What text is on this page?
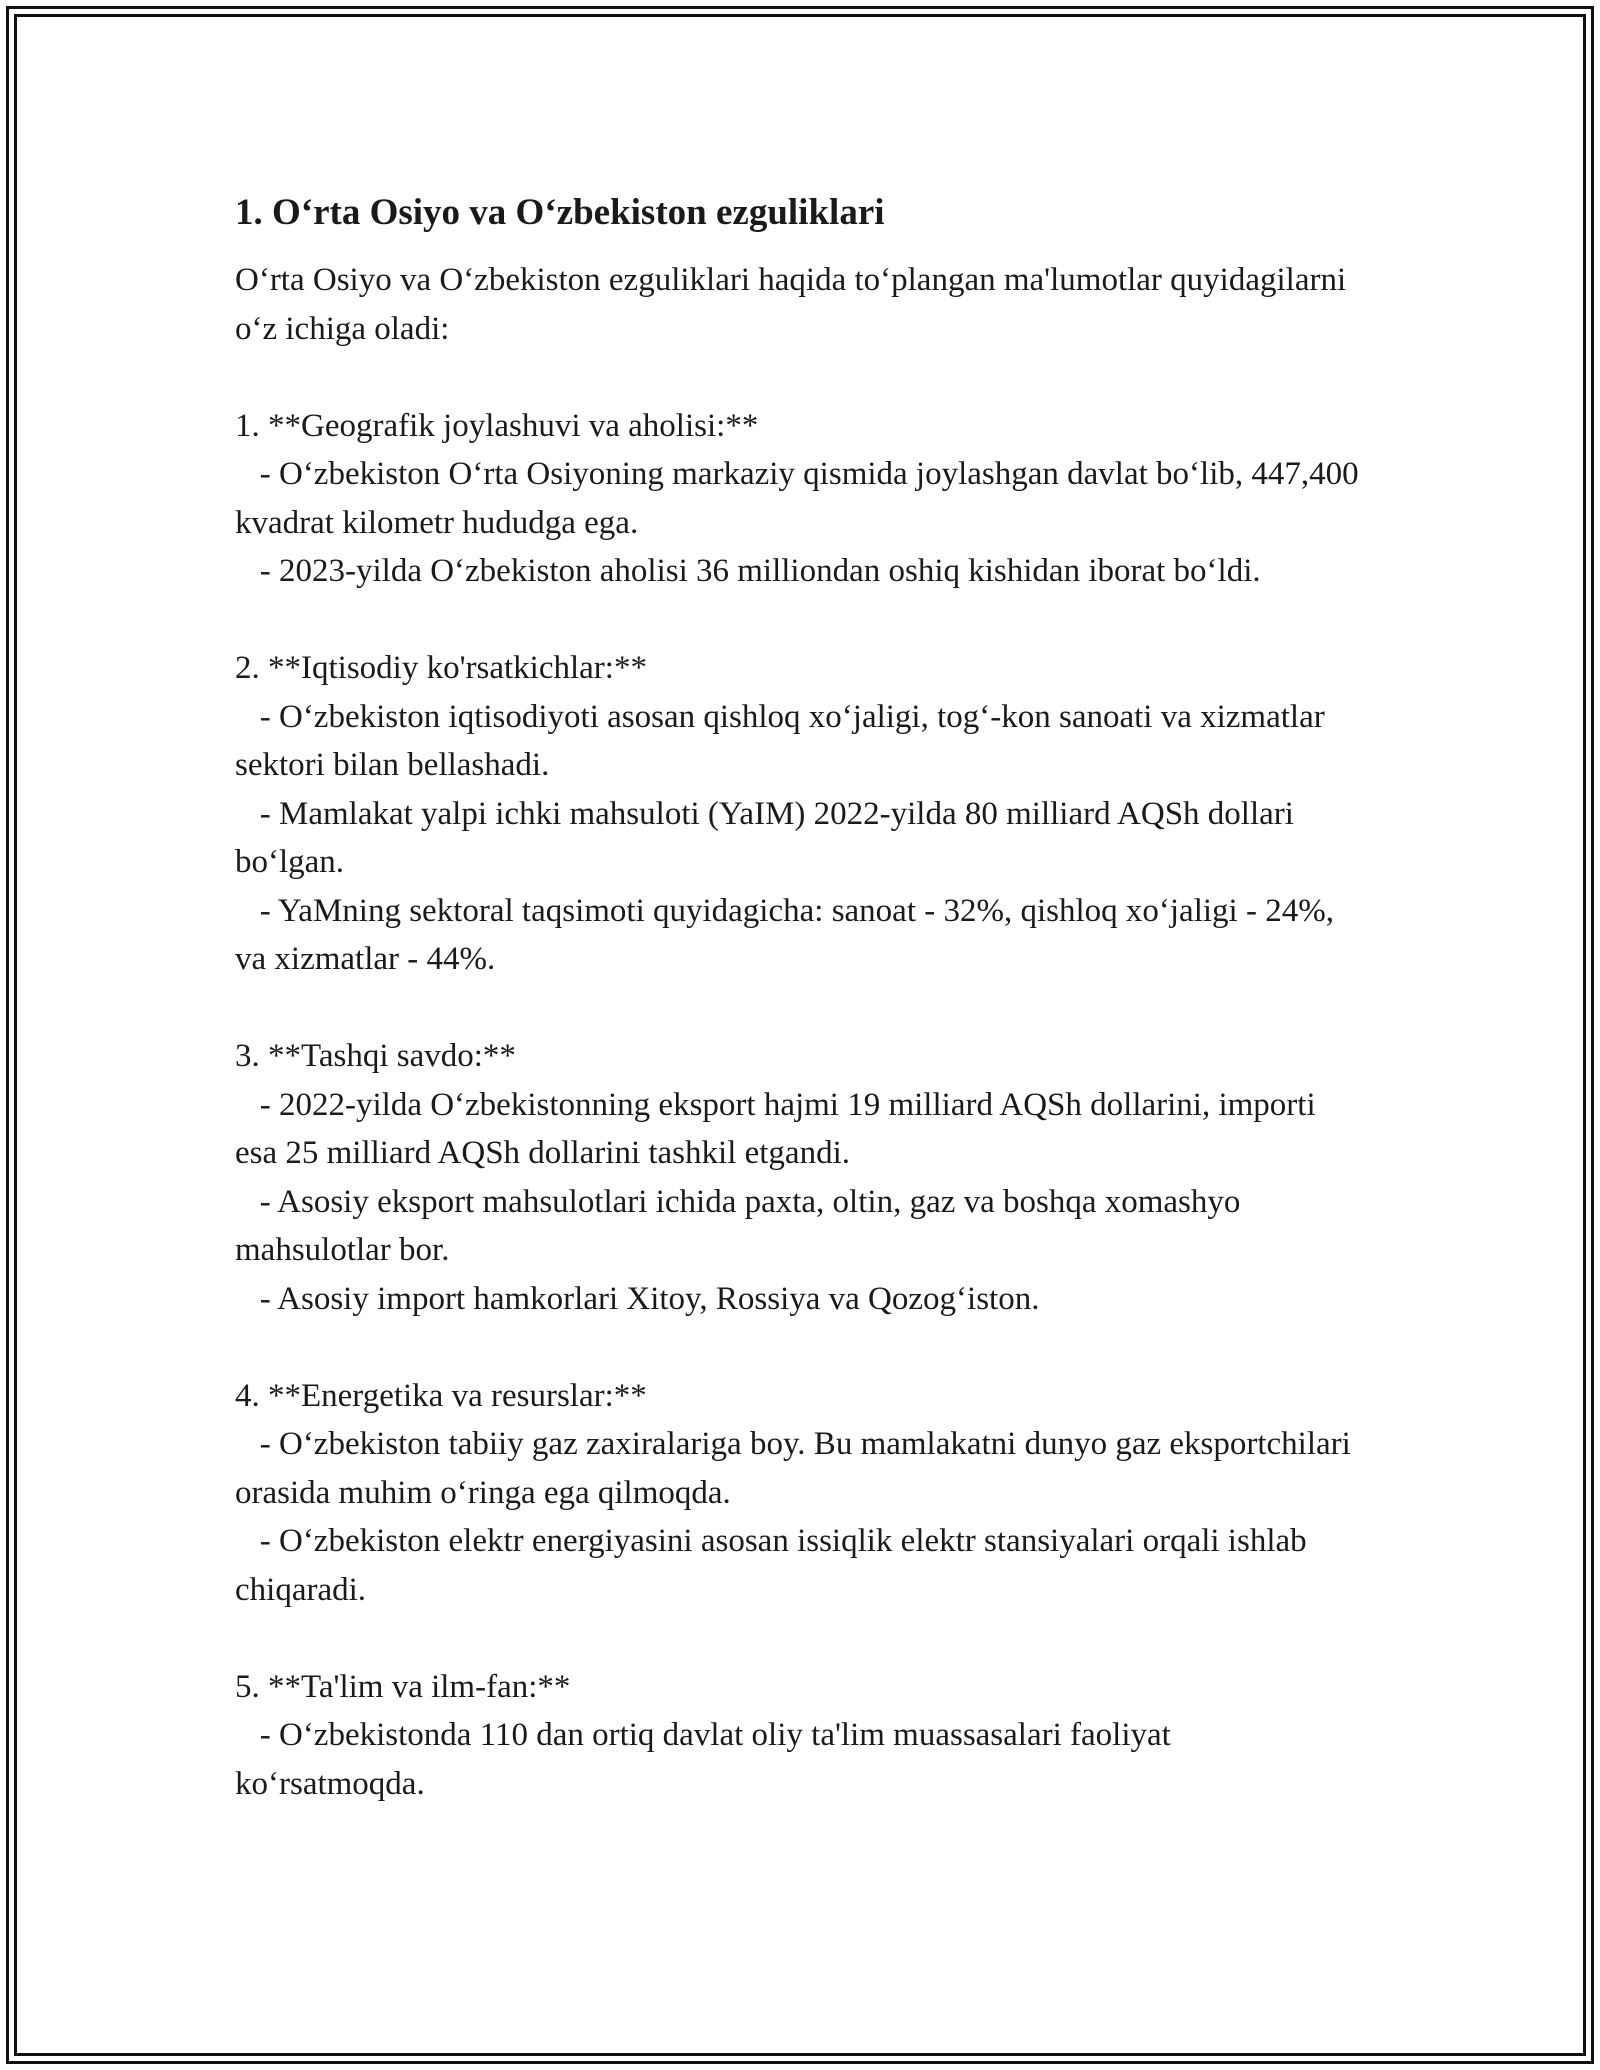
1. O‘rta Osiyo va O‘zbekiston ezguliklari
O‘rta Osiyo va O‘zbekiston ezguliklari haqida to‘plangan ma'lumotlar quyidagilarni o‘z ichiga oladi:

1. **Geografik joylashuvi va aholisi:**
- O‘zbekiston O‘rta Osiyoning markaziy qismida joylashgan davlat bo‘lib, 447,400 kvadrat kilometr hududga ega.
- 2023-yilda O‘zbekiston aholisi 36 milliondan oshiq kishidan iborat bo‘ldi.

2. **Iqtisodiy ko'rsatkichlar:**
- O‘zbekiston iqtisodiyoti asosan qishloq xo‘jaligi, tog‘-kon sanoati va xizmatlar sektori bilan bellashadi.
- Mamlakat yalpi ichki mahsuloti (YaIM) 2022-yilda 80 milliard AQSh dollari bo‘lgan.
- YaMning sektoral taqsimoti quyidagicha: sanoat - 32%, qishloq xo‘jaligi - 24%, va xizmatlar - 44%.

3. **Tashqi savdo:**
- 2022-yilda O‘zbekistonning eksport hajmi 19 milliard AQSh dollarini, importi esa 25 milliard AQSh dollarini tashkil etgandi.
- Asosiy eksport mahsulotlari ichida paxta, oltin, gaz va boshqa xomashyo mahsulotlar bor.
- Asosiy import hamkorlari Xitoy, Rossiya va Qozog‘iston.

4. **Energetika va resurslar:**
- O‘zbekiston tabiiy gaz zaxiralariga boy. Bu mamlakatni dunyo gaz eksportchilari orasida muhim o‘ringa ega qilmoqda.
- O‘zbekiston elektr energiyasini asosan issiqlik elektr stansiyalari orqali ishlab chiqaradi.

5. **Ta'lim va ilm-fan:**
- O‘zbekistonda 110 dan ortiq davlat oliy ta'lim muassasalari faoliyat ko‘rsatmoqda.
